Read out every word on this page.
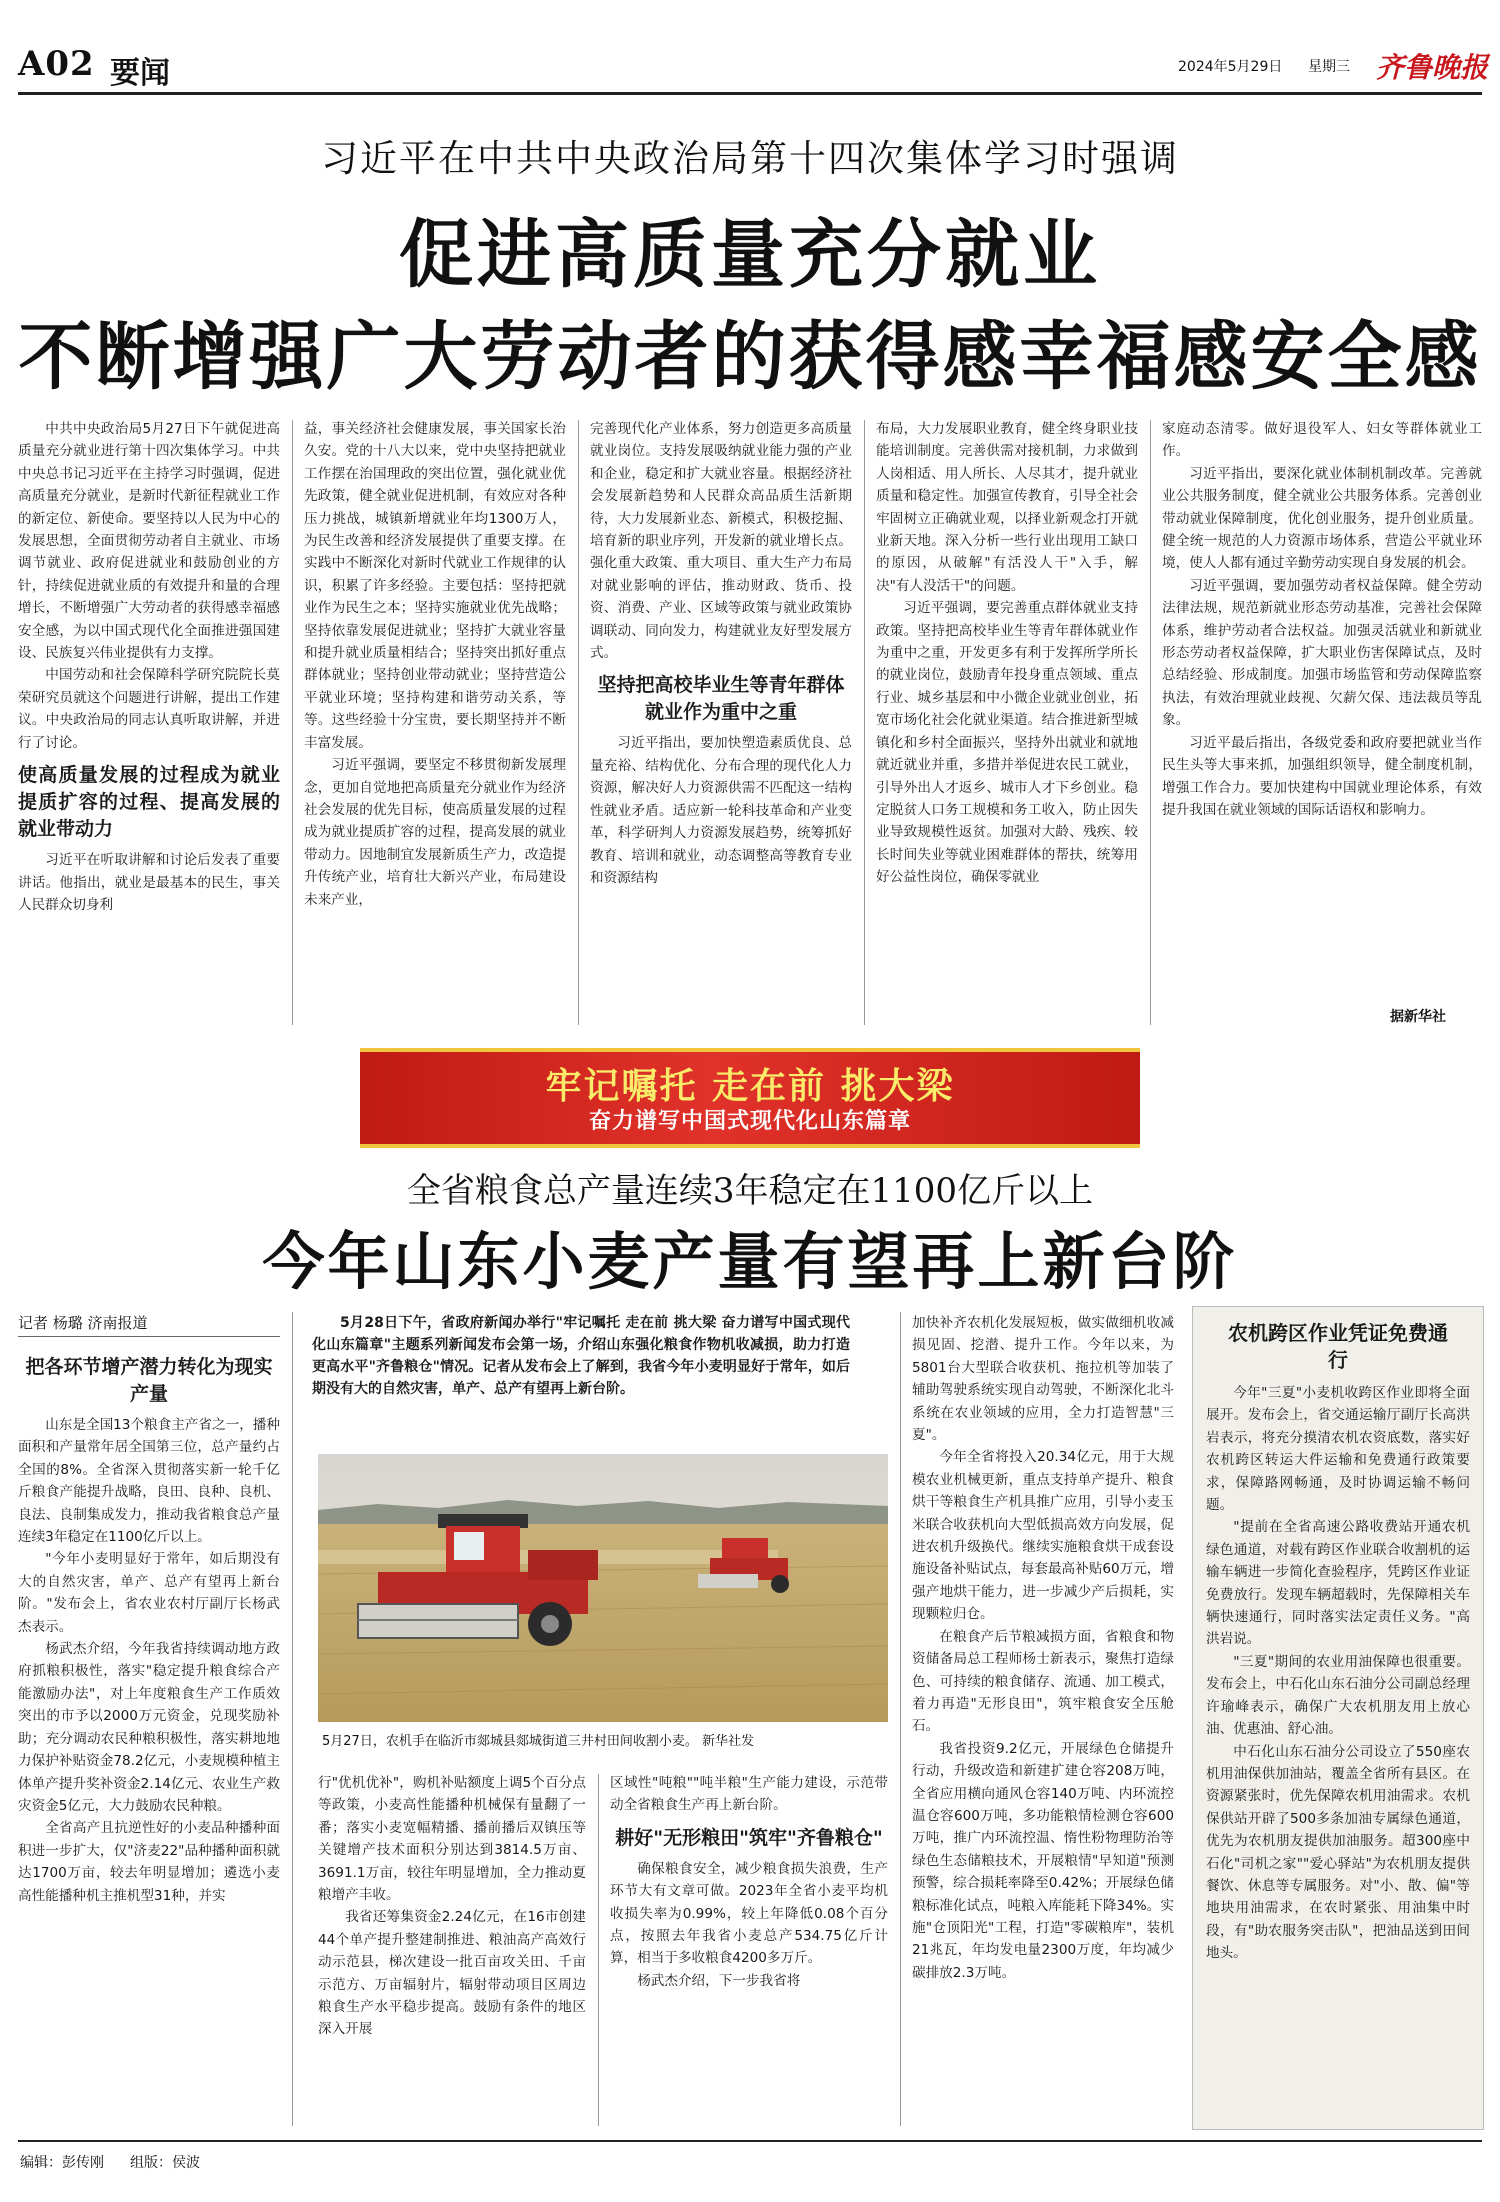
A02 要闻	2024年5月29日 星期三 齐鲁晚报
习近平在中共中央政治局第十四次集体学习时强调
促进高质量充分就业
不断增强广大劳动者的获得感幸福感安全感

中共中央政治局5月27日下午就促进高质量充分就业进行第十四次集体学习。中共中央总书记习近平在主持学习时强调，促进高质量充分就业，是新时代新征程就业工作的新定位、新使命。要坚持以人民为中心的发展思想，全面贯彻劳动者自主就业、市场调节就业、政府促进就业和鼓励创业的方针，持续促进就业质的有效提升和量的合理增长，不断增强广大劳动者的获得感幸福感安全感，为以中国式现代化全面推进强国建设、民族复兴伟业提供有力支撑。

中国劳动和社会保障科学研究院院长莫荣研究员就这个问题进行讲解，提出工作建议。中央政治局的同志认真听取讲解，并进行了讨论。

使高质量发展的过程成为就业提质扩容的过程、提高发展的就业带动力

习近平在听取讲解和讨论后发表了重要讲话。他指出，就业是最基本的民生，事关人民群众切身利

益，事关经济社会健康发展，事关国家长治久安。党的十八大以来，党中央坚持把就业工作摆在治国理政的突出位置，强化就业优先政策，健全就业促进机制，有效应对各种压力挑战，城镇新增就业年均1300万人，为民生改善和经济发展提供了重要支撑。在实践中不断深化对新时代就业工作规律的认识，积累了许多经验。主要包括：坚持把就业作为民生之本；坚持实施就业优先战略；坚持依靠发展促进就业；坚持扩大就业容量和提升就业质量相结合；坚持突出抓好重点群体就业；坚持创业带动就业；坚持营造公平就业环境；坚持构建和谐劳动关系，等等。这些经验十分宝贵，要长期坚持并不断丰富发展。

习近平强调，要坚定不移贯彻新发展理念，更加自觉地把高质量充分就业作为经济社会发展的优先目标，使高质量发展的过程成为就业提质扩容的过程，提高发展的就业带动力。因地制宜发展新质生产力，改造提升传统产业，培育壮大新兴产业，布局建设未来产业，

完善现代化产业体系，努力创造更多高质量就业岗位。支持发展吸纳就业能力强的产业和企业，稳定和扩大就业容量。根据经济社会发展新趋势和人民群众高品质生活新期待，大力发展新业态、新模式，积极挖掘、培育新的职业序列，开发新的就业增长点。强化重大政策、重大项目、重大生产力布局对就业影响的评估，推动财政、货币、投资、消费、产业、区域等政策与就业政策协调联动、同向发力，构建就业友好型发展方式。

坚持把高校毕业生等青年群体就业作为重中之重

习近平指出，要加快塑造素质优良、总量充裕、结构优化、分布合理的现代化人力资源，解决好人力资源供需不匹配这一结构性就业矛盾。适应新一轮科技革命和产业变革，科学研判人力资源发展趋势，统筹抓好教育、培训和就业，动态调整高等教育专业和资源结构

布局，大力发展职业教育，健全终身职业技能培训制度。完善供需对接机制，力求做到人岗相适、用人所长、人尽其才，提升就业质量和稳定性。加强宣传教育，引导全社会牢固树立正确就业观，以择业新观念打开就业新天地。深入分析一些行业出现用工缺口的原因，从破解"有活没人干"入手，解决"有人没活干"的问题。

习近平强调，要完善重点群体就业支持政策。坚持把高校毕业生等青年群体就业作为重中之重，开发更多有利于发挥所学所长的就业岗位，鼓励青年投身重点领域、重点行业、城乡基层和中小微企业就业创业，拓宽市场化社会化就业渠道。结合推进新型城镇化和乡村全面振兴，坚持外出就业和就地就近就业并重，多措并举促进农民工就业，引导外出人才返乡、城市人才下乡创业。稳定脱贫人口务工规模和务工收入，防止因失业导致规模性返贫。加强对大龄、残疾、较长时间失业等就业困难群体的帮扶，统筹用好公益性岗位，确保零就业

家庭动态清零。做好退役军人、妇女等群体就业工作。

习近平指出，要深化就业体制机制改革。完善就业公共服务制度，健全就业公共服务体系。完善创业带动就业保障制度，优化创业服务，提升创业质量。健全统一规范的人力资源市场体系，营造公平就业环境，使人人都有通过辛勤劳动实现自身发展的机会。

习近平强调，要加强劳动者权益保障。健全劳动法律法规，规范新就业形态劳动基准，完善社会保障体系，维护劳动者合法权益。加强灵活就业和新就业形态劳动者权益保障，扩大职业伤害保障试点，及时总结经验、形成制度。加强市场监管和劳动保障监察执法，有效治理就业歧视、欠薪欠保、违法裁员等乱象。

习近平最后指出，各级党委和政府要把就业当作民生头等大事来抓，加强组织领导，健全制度机制，增强工作合力。要加快建构中国就业理论体系，有效提升我国在就业领域的国际话语权和影响力。

据新华社
牢记嘱托 走在前 挑大梁
奋力谱写中国式现代化山东篇章
全省粮食总产量连续3年稳定在1100亿斤以上
今年山东小麦产量有望再上新台阶
记者 杨璐 济南报道
把各环节增产潜力转化为现实产量

山东是全国13个粮食主产省之一，播种面积和产量常年居全国第三位，总产量约占全国的8%。全省深入贯彻落实新一轮千亿斤粮食产能提升战略，良田、良种、良机、良法、良制集成发力，推动我省粮食总产量连续3年稳定在1100亿斤以上。

"今年小麦明显好于常年，如后期没有大的自然灾害，单产、总产有望再上新台阶。"发布会上，省农业农村厅副厅长杨武杰表示。

杨武杰介绍，今年我省持续调动地方政府抓粮积极性，落实"稳定提升粮食综合产能激励办法"，对上年度粮食生产工作质效突出的市予以2000万元资金，兑现奖励补助；充分调动农民种粮积极性，落实耕地地力保护补贴资金78.2亿元，小麦规模种植主体单产提升奖补资金2.14亿元、农业生产救灾资金5亿元，大力鼓励农民种粮。

全省高产且抗逆性好的小麦品种播种面积进一步扩大，仅"济麦22"品种播种面积就达1700万亩，较去年明显增加；遴选小麦高性能播种机主推机型31种，并实

5月28日下午，省政府新闻办举行"牢记嘱托 走在前 挑大梁 奋力谱写中国式现代化山东篇章"主题系列新闻发布会第一场，介绍山东强化粮食作物机收减损，助力打造更高水平"齐鲁粮仓"情况。记者从发布会上了解到，我省今年小麦明显好于常年，如后期没有大的自然灾害，单产、总产有望再上新台阶。

5月27日，农机手在临沂市郯城县郯城街道三井村田间收割小麦。 新华社发

行"优机优补"，购机补贴额度上调5个百分点等政策，小麦高性能播种机械保有量翻了一番；落实小麦宽幅精播、播前播后双镇压等关键增产技术面积分别达到3814.5万亩、3691.1万亩，较往年明显增加，全力推动夏粮增产丰收。

我省还筹集资金2.24亿元，在16市创建44个单产提升整建制推进、粮油高产高效行动示范县，梯次建设一批百亩攻关田、千亩示范方、万亩辐射片，辐射带动项目区周边粮食生产水平稳步提高。鼓励有条件的地区深入开展

区域性"吨粮""吨半粮"生产能力建设，示范带动全省粮食生产再上新台阶。

耕好"无形粮田"筑牢"齐鲁粮仓"

确保粮食安全，减少粮食损失浪费，生产环节大有文章可做。2023年全省小麦平均机收损失率为0.99%，较上年降低0.08个百分点，按照去年我省小麦总产534.75亿斤计算，相当于多收粮食4200多万斤。

杨武杰介绍，下一步我省将

加快补齐农机化发展短板，做实做细机收减损见固、挖潜、提升工作。今年以来，为5801台大型联合收获机、拖拉机等加装了辅助驾驶系统实现自动驾驶，不断深化北斗系统在农业领域的应用，全力打造智慧"三夏"。

今年全省将投入20.34亿元，用于大规模农业机械更新，重点支持单产提升、粮食烘干等粮食生产机具推广应用，引导小麦玉米联合收获机向大型低损高效方向发展，促进农机升级换代。继续实施粮食烘干成套设施设备补贴试点，每套最高补贴60万元，增强产地烘干能力，进一步减少产后损耗，实现颗粒归仓。

在粮食产后节粮减损方面，省粮食和物资储备局总工程师杨士新表示，聚焦打造绿色、可持续的粮食储存、流通、加工模式，着力再造"无形良田"，筑牢粮食安全压舱石。

我省投资9.2亿元，开展绿色仓储提升行动，升级改造和新建扩建仓容208万吨，全省应用横向通风仓容140万吨、内环流控温仓容600万吨，多功能粮情检测仓容600万吨，推广内环流控温、惰性粉物理防治等绿色生态储粮技术，开展粮情"早知道"预测预警，综合损耗率降至0.42%；开展绿色储粮标准化试点，吨粮入库能耗下降34%。实施"仓顶阳光"工程，打造"零碳粮库"，装机21兆瓦，年均发电量2300万度，年均减少碳排放2.3万吨。

农机跨区作业凭证免费通行

今年"三夏"小麦机收跨区作业即将全面展开。发布会上，省交通运输厅副厅长高洪岩表示，将充分摸清农机农资底数，落实好农机跨区转运大件运输和免费通行政策要求，保障路网畅通，及时协调运输不畅问题。

"提前在全省高速公路收费站开通农机绿色通道，对载有跨区作业联合收割机的运输车辆进一步简化查验程序，凭跨区作业证免费放行。发现车辆超载时，先保障相关车辆快速通行，同时落实法定责任义务。"高洪岩说。

"三夏"期间的农业用油保障也很重要。发布会上，中石化山东石油分公司副总经理许瑜峰表示，确保广大农机朋友用上放心油、优惠油、舒心油。

中石化山东石油分公司设立了550座农机用油保供加油站，覆盖全省所有县区。在资源紧张时，优先保障农机用油需求。农机保供站开辟了500多条加油专属绿色通道，优先为农机朋友提供加油服务。超300座中石化"司机之家""爱心驿站"为农机朋友提供餐饮、休息等专属服务。对"小、散、偏"等地块用油需求，在农时紧张、用油集中时段，有"助农服务突击队"，把油品送到田间地头。

编辑：彭传刚 组版：侯波
